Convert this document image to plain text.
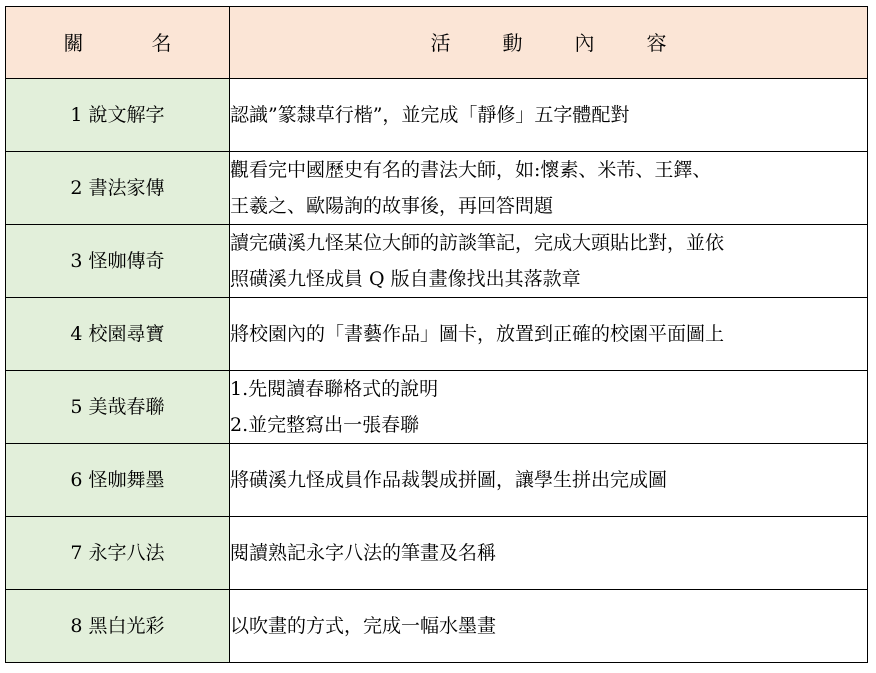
關名	活動內容
1 說文解字	認識”篆隸草行楷”，並完成「靜修」五字體配對

2 書法家傳	觀看完中國歷史有名的書法大師，如:懷素、米芾、王鐸、
王羲之、歐陽詢的故事後，再回答問題

3 怪咖傳奇	讀完磺溪九怪某位大師的訪談筆記，完成大頭貼比對，並依
照磺溪九怪成員 Q 版自畫像找出其落款章

4 校園尋寶	將校園內的「書藝作品」圖卡，放置到正確的校園平面圖上

5 美哉春聯	1.先閱讀春聯格式的說明
2.並完整寫出一張春聯

6 怪咖舞墨	將磺溪九怪成員作品裁製成拼圖，讓學生拼出完成圖

7 永字八法	閱讀熟記永字八法的筆畫及名稱

8 黑白光彩	以吹畫的方式，完成一幅水墨畫
